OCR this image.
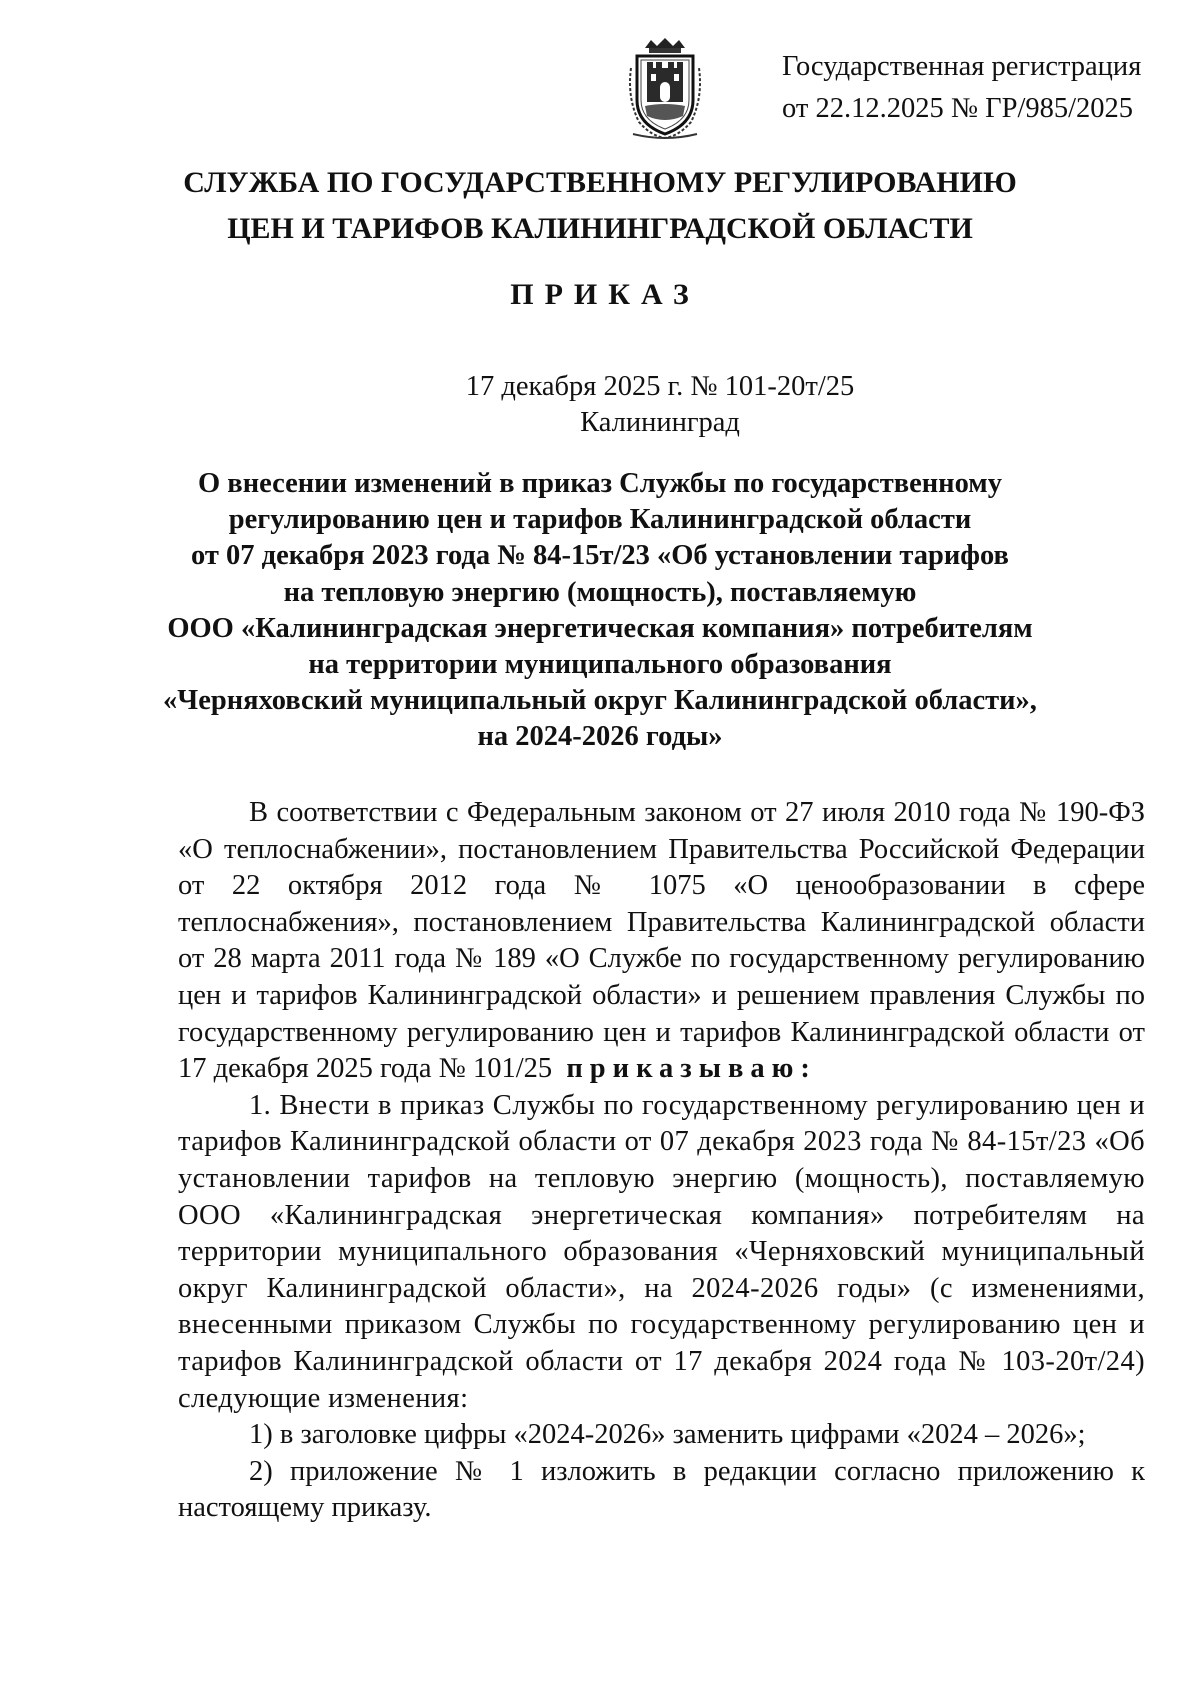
Государственная регистрация
от 22.12.2025 № ГР/985/2025
СЛУЖБА ПО ГОСУДАРСТВЕННОМУ РЕГУЛИРОВАНИЮ
ЦЕН И ТАРИФОВ КАЛИНИНГРАДСКОЙ ОБЛАСТИ
ПРИКАЗ
17 декабря 2025 г. № 101-20т/25
Калининград
О внесении изменений в приказ Службы по государственному
регулированию цен и тарифов Калининградской области
от 07 декабря 2023 года № 84-15т/23 «Об установлении тарифов
на тепловую энергию (мощность), поставляемую
ООО «Калининградская энергетическая компания» потребителям
на территории муниципального образования
«Черняховский муниципальный округ Калининградской области»,
на 2024-2026 годы»

В соответствии с Федеральным законом от 27 июля 2010 года № 190-ФЗ «О теплоснабжении», постановлением Правительства Российской Федерации от 22 октября 2012 года № 1075 «О ценообразовании в сфере теплоснабжения», постановлением Правительства Калининградской области от 28 марта 2011 года № 189 «О Службе по государственному регулированию цен и тарифов Калининградской области» и решением правления Службы по государственному регулированию цен и тарифов Калининградской области от 17 декабря 2025 года № 101/25 приказываю:

1. Внести в приказ Службы по государственному регулированию цен и тарифов Калининградской области от 07 декабря 2023 года № 84-15т/23 «Об установлении тарифов на тепловую энергию (мощность), поставляемую ООО «Калининградская энергетическая компания» потребителям на территории муниципального образования «Черняховский муниципальный округ Калининградской области», на 2024-2026 годы» (с изменениями, внесенными приказом Службы по государственному регулированию цен и тарифов Калининградской области от 17 декабря 2024 года № 103-20т/24) следующие изменения:

1) в заголовке цифры «2024-2026» заменить цифрами «2024 – 2026»;

2) приложение № 1 изложить в редакции согласно приложению к настоящему приказу.
